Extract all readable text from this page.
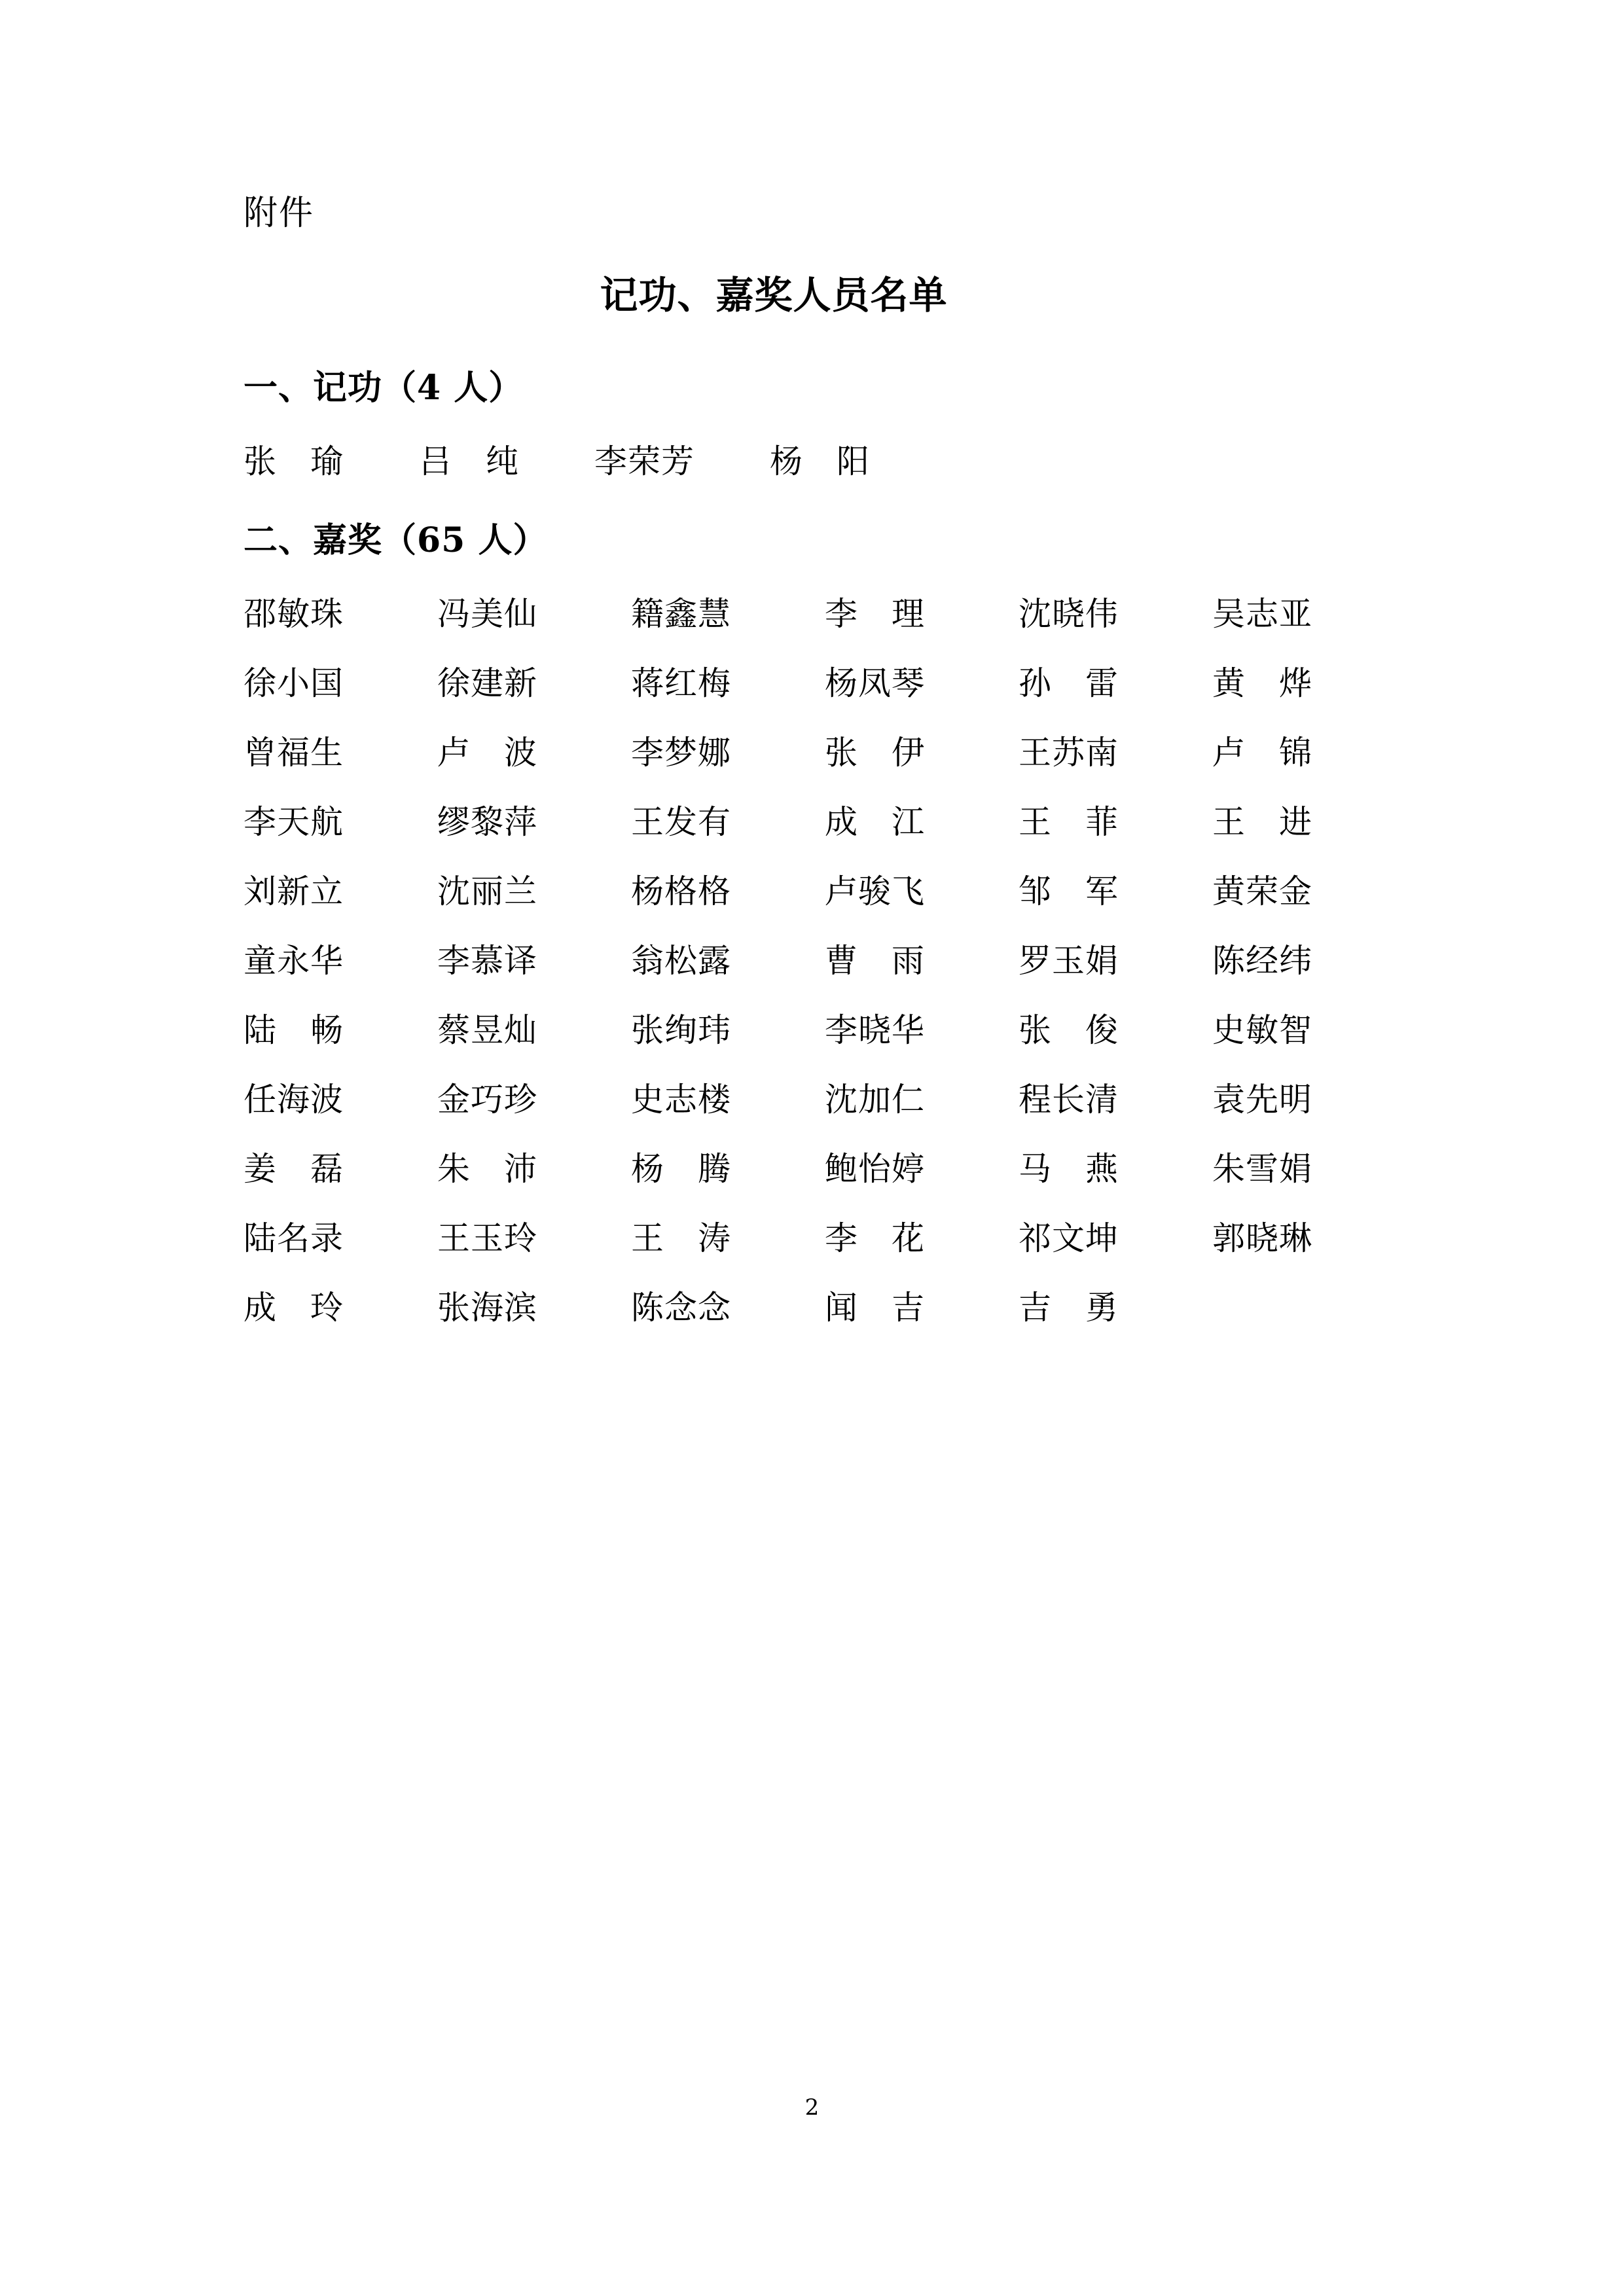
附件
记功、嘉奖人员名单
一、记功（4 人）
张　瑜	吕　纯	李荣芳	杨　阳
二、嘉奖（65 人）
邵敏珠	冯美仙	籍鑫慧	李　理	沈晓伟	吴志亚
徐小国	徐建新	蒋红梅	杨凤琴	孙　雷	黄　烨
曾福生	卢　波	李梦娜	张　伊	王苏南	卢　锦
李天航	缪黎萍	王发有	成　江	王　菲	王　进
刘新立	沈丽兰	杨格格	卢骏飞	邹　军	黄荣金
童永华	李慕译	翁松露	曹　雨	罗玉娟	陈经纬
陆　畅	蔡昱灿	张绚玮	李晓华	张　俊	史敏智
任海波	金巧珍	史志楼	沈加仁	程长清	袁先明
姜　磊	朱　沛	杨　腾	鲍怡婷	马　燕	朱雪娟
陆名录	王玉玲	王　涛	李　花	祁文坤	郭晓琳
成　玲	张海滨	陈念念	闻　吉	吉　勇
2
